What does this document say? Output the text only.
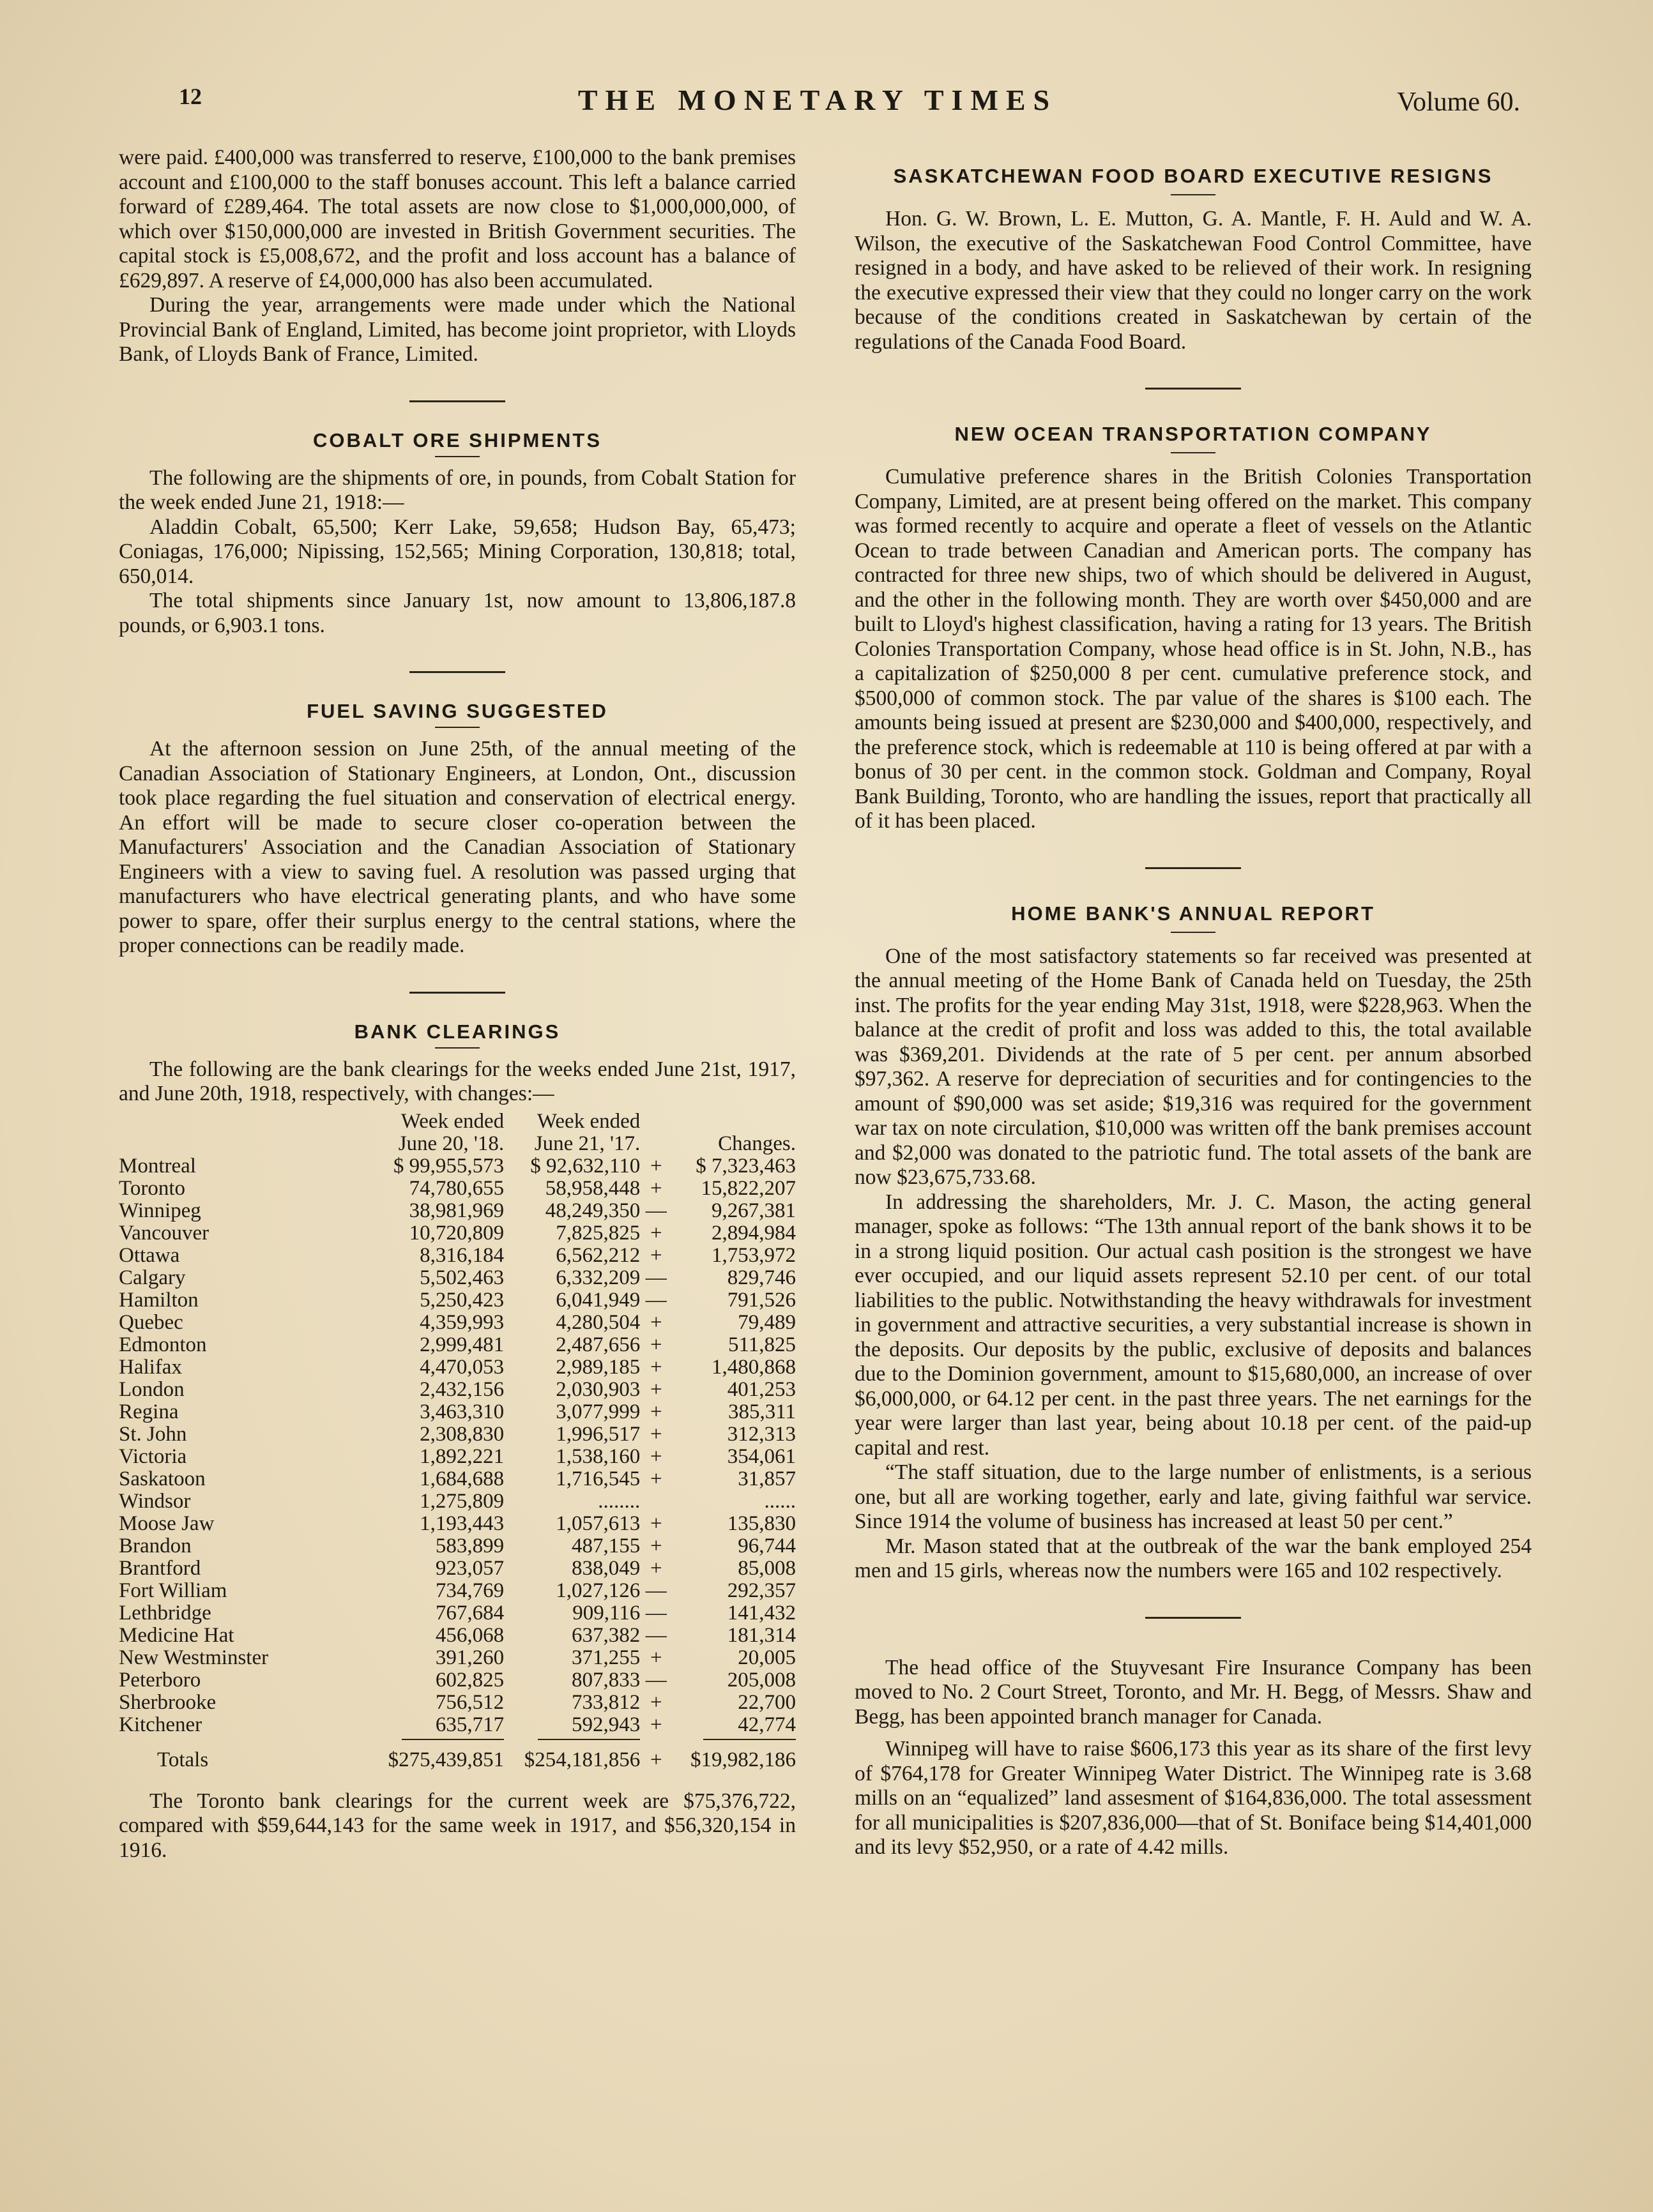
12	THE MONETARY TIMES	Volume 60.

were paid. £400,000 was transferred to reserve, £100,000 to the bank premises account and £100,000 to the staff bonuses account. This left a balance carried forward of £289,464. The total assets are now close to $1,000,000,000, of which over $150,000,000 are invested in British Government securities. The capital stock is £5,008,672, and the profit and loss account has a balance of £629,897. A reserve of £4,000,000 has also been accumulated.

During the year, arrangements were made under which the National Provincial Bank of England, Limited, has become joint proprietor, with Lloyds Bank, of Lloyds Bank of France, Limited.

COBALT ORE SHIPMENTS

The following are the shipments of ore, in pounds, from Cobalt Station for the week ended June 21, 1918:—

Aladdin Cobalt, 65,500; Kerr Lake, 59,658; Hudson Bay, 65,473; Coniagas, 176,000; Nipissing, 152,565; Mining Corporation, 130,818; total, 650,014.

The total shipments since January 1st, now amount to 13,806,187.8 pounds, or 6,903.1 tons.

FUEL SAVING SUGGESTED

At the afternoon session on June 25th, of the annual meeting of the Canadian Association of Stationary Engineers, at London, Ont., discussion took place regarding the fuel situation and conservation of electrical energy. An effort will be made to secure closer co-operation between the Manufacturers' Association and the Canadian Association of Stationary Engineers with a view to saving fuel. A resolution was passed urging that manufacturers who have electrical generating plants, and who have some power to spare, offer their surplus energy to the central stations, where the proper connections can be readily made.

BANK CLEARINGS

The following are the bank clearings for the weeks ended June 21st, 1917, and June 20th, 1918, respectively, with changes:—

	Week ended	Week ended		
	June 20, '18.	June 21, '17.		Changes.
Montreal	$ 99,955,573	$ 92,632,110	+	$ 7,323,463
Toronto	74,780,655	58,958,448	+	15,822,207
Winnipeg	38,981,969	48,249,350	—	9,267,381
Vancouver	10,720,809	7,825,825	+	2,894,984
Ottawa	8,316,184	6,562,212	+	1,753,972
Calgary	5,502,463	6,332,209	—	829,746
Hamilton	5,250,423	6,041,949	—	791,526
Quebec	4,359,993	4,280,504	+	79,489
Edmonton	2,999,481	2,487,656	+	511,825
Halifax	4,470,053	2,989,185	+	1,480,868
London	2,432,156	2,030,903	+	401,253
Regina	3,463,310	3,077,999	+	385,311
St. John	2,308,830	1,996,517	+	312,313
Victoria	1,892,221	1,538,160	+	354,061
Saskatoon	1,684,688	1,716,545	+	31,857
Windsor	1,275,809	........		......
Moose Jaw	1,193,443	1,057,613	+	135,830
Brandon	583,899	487,155	+	96,744
Brantford	923,057	838,049	+	85,008
Fort William	734,769	1,027,126	—	292,357
Lethbridge	767,684	909,116	—	141,432
Medicine Hat	456,068	637,382	—	181,314
New Westminster	391,260	371,255	+	20,005
Peterboro	602,825	807,833	—	205,008
Sherbrooke	756,512	733,812	+	22,700
Kitchener	635,717	592,943	+	42,774

Totals	$275,439,851	$254,181,856	+	$19,982,186

The Toronto bank clearings for the current week are $75,376,722, compared with $59,644,143 for the same week in 1917, and $56,320,154 in 1916.

SASKATCHEWAN FOOD BOARD EXECUTIVE RESIGNS

Hon. G. W. Brown, L. E. Mutton, G. A. Mantle, F. H. Auld and W. A. Wilson, the executive of the Saskatchewan Food Control Committee, have resigned in a body, and have asked to be relieved of their work. In resigning the executive expressed their view that they could no longer carry on the work because of the conditions created in Saskatchewan by certain of the regulations of the Canada Food Board.

NEW OCEAN TRANSPORTATION COMPANY

Cumulative preference shares in the British Colonies Transportation Company, Limited, are at present being offered on the market. This company was formed recently to acquire and operate a fleet of vessels on the Atlantic Ocean to trade between Canadian and American ports. The company has contracted for three new ships, two of which should be delivered in August, and the other in the following month. They are worth over $450,000 and are built to Lloyd's highest classification, having a rating for 13 years. The British Colonies Transportation Company, whose head office is in St. John, N.B., has a capitalization of $250,000 8 per cent. cumulative preference stock, and $500,000 of common stock. The par value of the shares is $100 each. The amounts being issued at present are $230,000 and $400,000, respectively, and the preference stock, which is redeemable at 110 is being offered at par with a bonus of 30 per cent. in the common stock. Goldman and Company, Royal Bank Building, Toronto, who are handling the issues, report that practically all of it has been placed.

HOME BANK'S ANNUAL REPORT

One of the most satisfactory statements so far received was presented at the annual meeting of the Home Bank of Canada held on Tuesday, the 25th inst. The profits for the year ending May 31st, 1918, were $228,963. When the balance at the credit of profit and loss was added to this, the total available was $369,201. Dividends at the rate of 5 per cent. per annum absorbed $97,362. A reserve for depreciation of securities and for contingencies to the amount of $90,000 was set aside; $19,316 was required for the government war tax on note circulation, $10,000 was written off the bank premises account and $2,000 was donated to the patriotic fund. The total assets of the bank are now $23,675,733.68.

In addressing the shareholders, Mr. J. C. Mason, the acting general manager, spoke as follows: “The 13th annual report of the bank shows it to be in a strong liquid position. Our actual cash position is the strongest we have ever occupied, and our liquid assets represent 52.10 per cent. of our total liabilities to the public. Notwithstanding the heavy withdrawals for investment in government and attractive securities, a very substantial increase is shown in the deposits. Our deposits by the public, exclusive of deposits and balances due to the Dominion government, amount to $15,680,000, an increase of over $6,000,000, or 64.12 per cent. in the past three years. The net earnings for the year were larger than last year, being about 10.18 per cent. of the paid-up capital and rest.

“The staff situation, due to the large number of enlistments, is a serious one, but all are working together, early and late, giving faithful war service. Since 1914 the volume of business has increased at least 50 per cent.”

Mr. Mason stated that at the outbreak of the war the bank employed 254 men and 15 girls, whereas now the numbers were 165 and 102 respectively.

The head office of the Stuyvesant Fire Insurance Company has been moved to No. 2 Court Street, Toronto, and Mr. H. Begg, of Messrs. Shaw and Begg, has been appointed branch manager for Canada.

Winnipeg will have to raise $606,173 this year as its share of the first levy of $764,178 for Greater Winnipeg Water District. The Winnipeg rate is 3.68 mills on an “equalized” land assesment of $164,836,000. The total assessment for all municipalities is $207,836,000—that of St. Boniface being $14,401,000 and its levy $52,950, or a rate of 4.42 mills.
